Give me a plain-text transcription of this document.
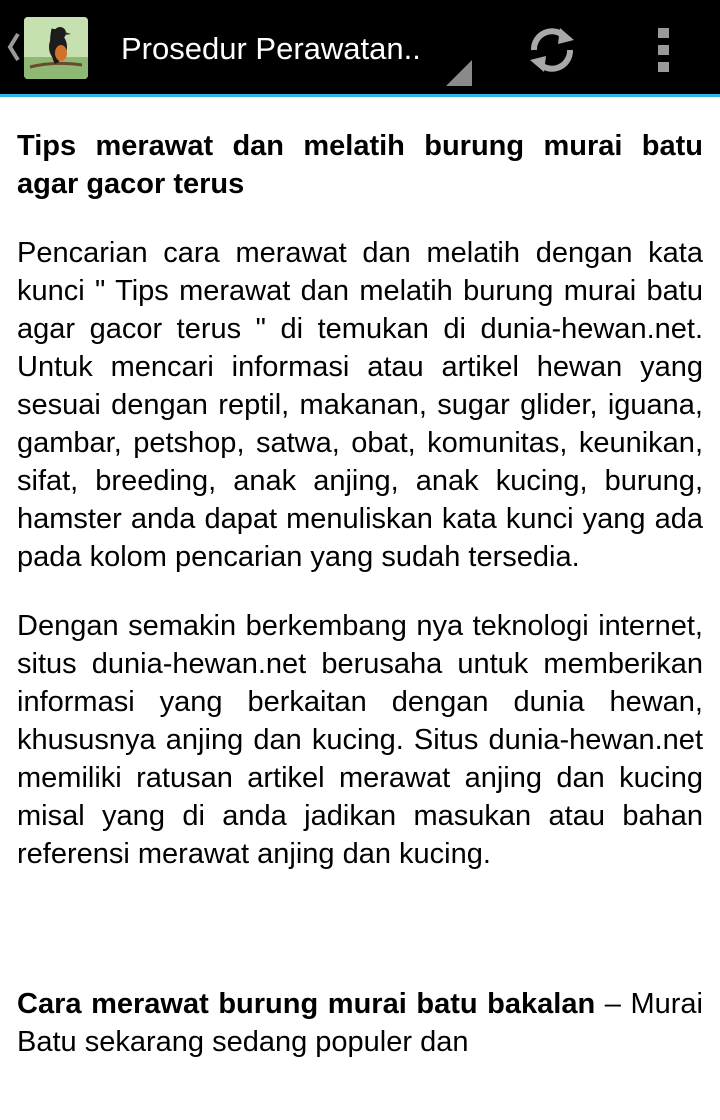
Prosedur Perawatan..

Tips merawat dan melatih burung murai batu agar gacor terus

Pencarian cara merawat dan melatih dengan kata kunci " Tips merawat dan melatih burung murai batu agar gacor terus " di temukan di dunia-hewan.net. Untuk mencari informasi atau artikel hewan yang sesuai dengan reptil, makanan, sugar glider, iguana, gambar, petshop, satwa, obat, komunitas, keunikan, sifat, breeding, anak anjing, anak kucing, burung, hamster anda dapat menuliskan kata kunci yang ada pada kolom pencarian yang sudah tersedia.

Dengan semakin berkembang nya teknologi internet, situs dunia-hewan.net berusaha untuk memberikan informasi yang berkaitan dengan dunia hewan, khususnya anjing dan kucing. Situs dunia-hewan.net memiliki ratusan artikel merawat anjing dan kucing misal yang di anda jadikan masukan atau bahan referensi merawat anjing dan kucing.

Cara merawat burung murai batu bakalan – Murai Batu sekarang sedang populer dan
